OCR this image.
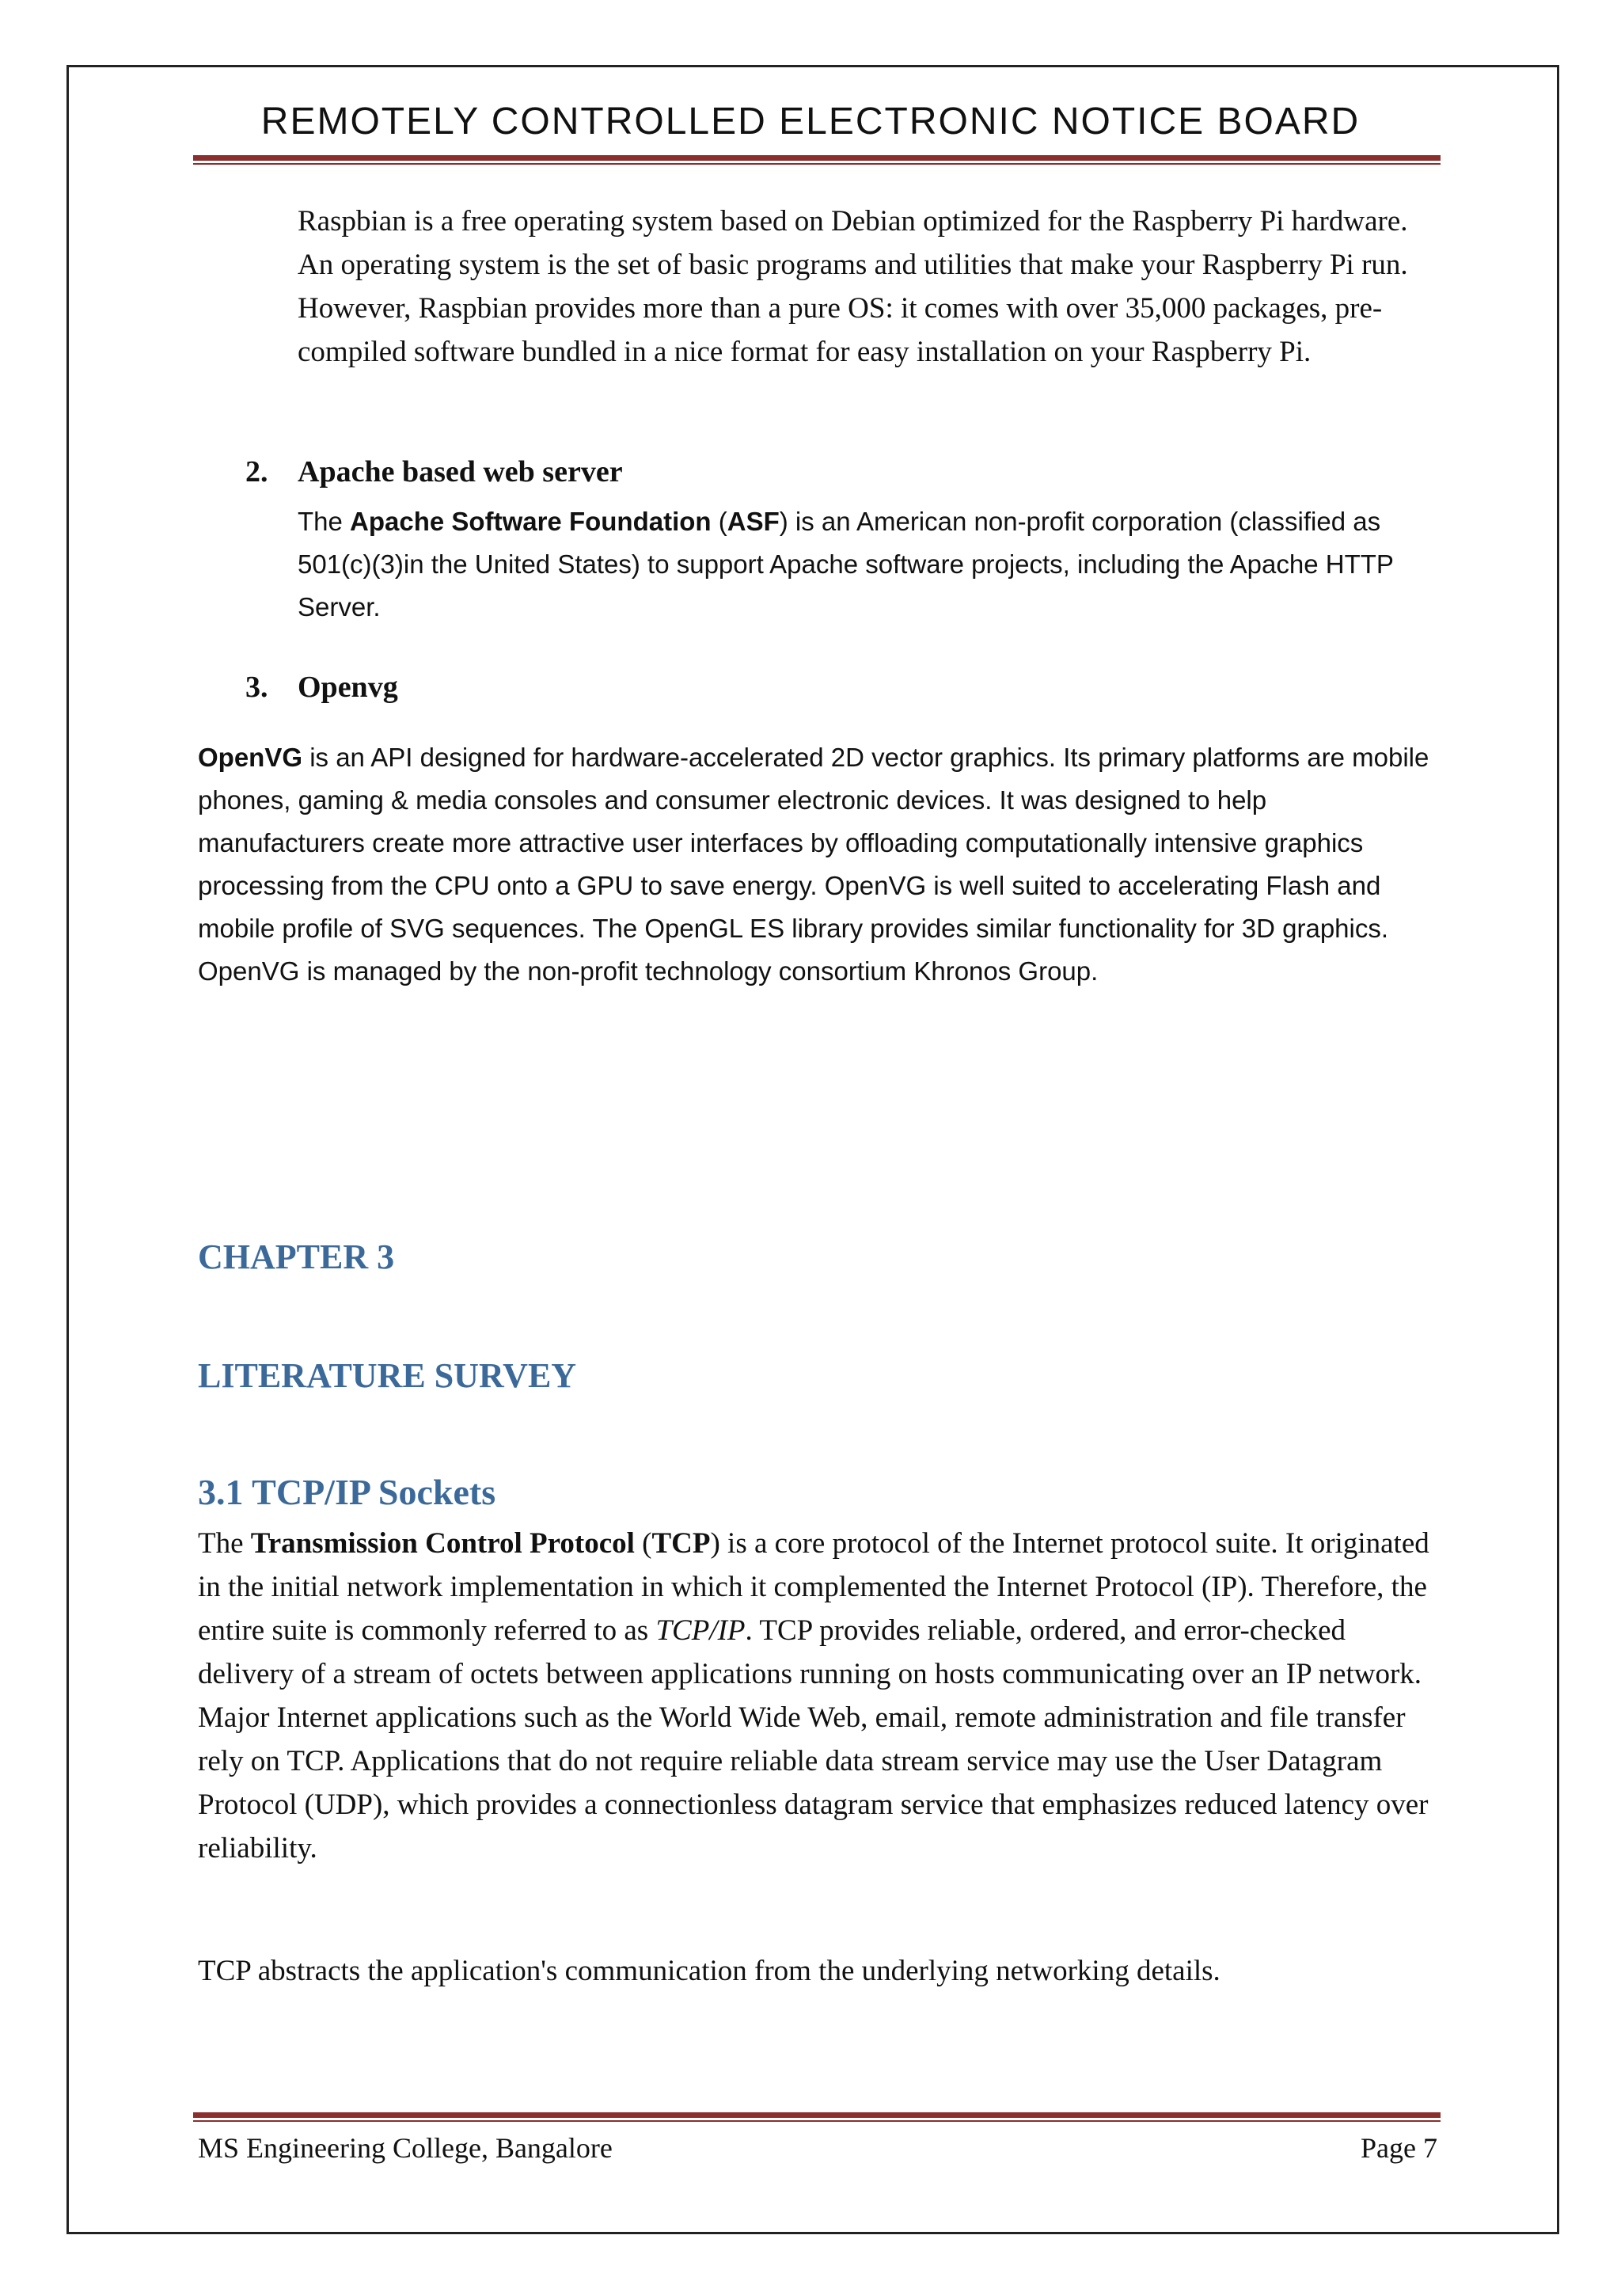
REMOTELY CONTROLLED ELECTRONIC NOTICE BOARD

Raspbian is a free operating system based on Debian optimized for the Raspberry Pi hardware. An operating system is the set of basic programs and utilities that make your Raspberry Pi run. However, Raspbian provides more than a pure OS: it comes with over 35,000 packages, pre-compiled software bundled in a nice format for easy installation on your Raspberry Pi.

2. Apache based web server

The Apache Software Foundation (ASF) is an American non-profit corporation (classified as 501(c)(3)in the United States) to support Apache software projects, including the Apache HTTP Server.

3. Openvg

OpenVG is an API designed for hardware-accelerated 2D vector graphics. Its primary platforms are mobile phones, gaming & media consoles and consumer electronic devices. It was designed to help manufacturers create more attractive user interfaces by offloading computationally intensive graphics processing from the CPU onto a GPU to save energy. OpenVG is well suited to accelerating Flash and mobile profile of SVG sequences. The OpenGL ES library provides similar functionality for 3D graphics. OpenVG is managed by the non-profit technology consortium Khronos Group.

CHAPTER 3
LITERATURE SURVEY
3.1 TCP/IP Sockets

The Transmission Control Protocol (TCP) is a core protocol of the Internet protocol suite. It originated in the initial network implementation in which it complemented the Internet Protocol (IP). Therefore, the entire suite is commonly referred to as TCP/IP. TCP provides reliable, ordered, and error-checked delivery of a stream of octets between applications running on hosts communicating over an IP network. Major Internet applications such as the World Wide Web, email, remote administration and file transfer rely on TCP. Applications that do not require reliable data stream service may use the User Datagram Protocol (UDP), which provides a connectionless datagram service that emphasizes reduced latency over reliability.

TCP abstracts the application's communication from the underlying networking details.

MS Engineering College, Bangalore	Page 7
